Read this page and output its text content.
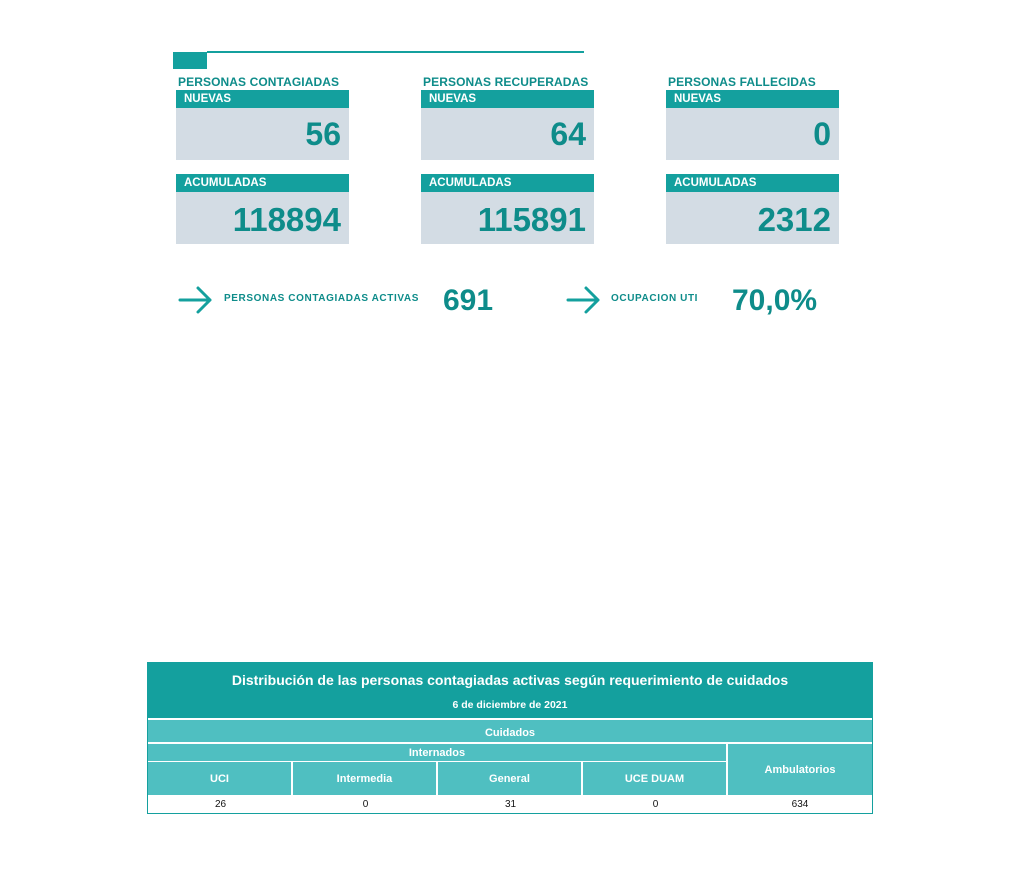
PERSONAS CONTAGIADAS
NUEVAS
56
ACUMULADAS
118894
PERSONAS RECUPERADAS
NUEVAS
64
ACUMULADAS
115891
PERSONAS FALLECIDAS
NUEVAS
0
ACUMULADAS
2312
PERSONAS CONTAGIADAS ACTIVAS 691	OCUPACION UTI 70,0%
Distribución de las personas contagiadas activas según requerimiento de cuidados
6 de diciembre de 2021
Cuidados
Internados
UCI	Intermedia	General	UCE DUAM
Ambulatorios
26	0	31	0	634
